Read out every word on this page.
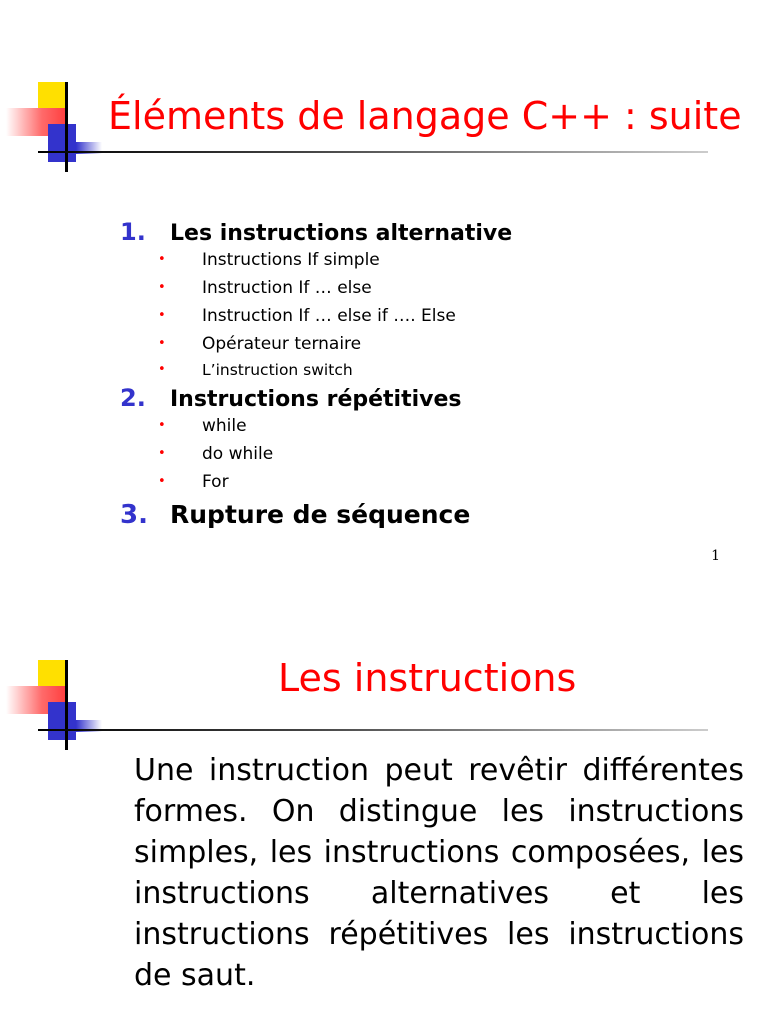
Éléments de langage C++ : suite
1.	Les instructions alternative
• Instructions If simple
• Instruction If … else
• Instruction If … else if …. Else
• Opérateur ternaire
• L’instruction switch
2.	Instructions répétitives
• while
• do while
• For
3. Rupture de séquence
1
Les instructions

Une instruction peut revêtir différentes formes. On distingue les instructions simples, les instructions composées, les instructions alternatives et les instructions répétitives les instructions de saut.
